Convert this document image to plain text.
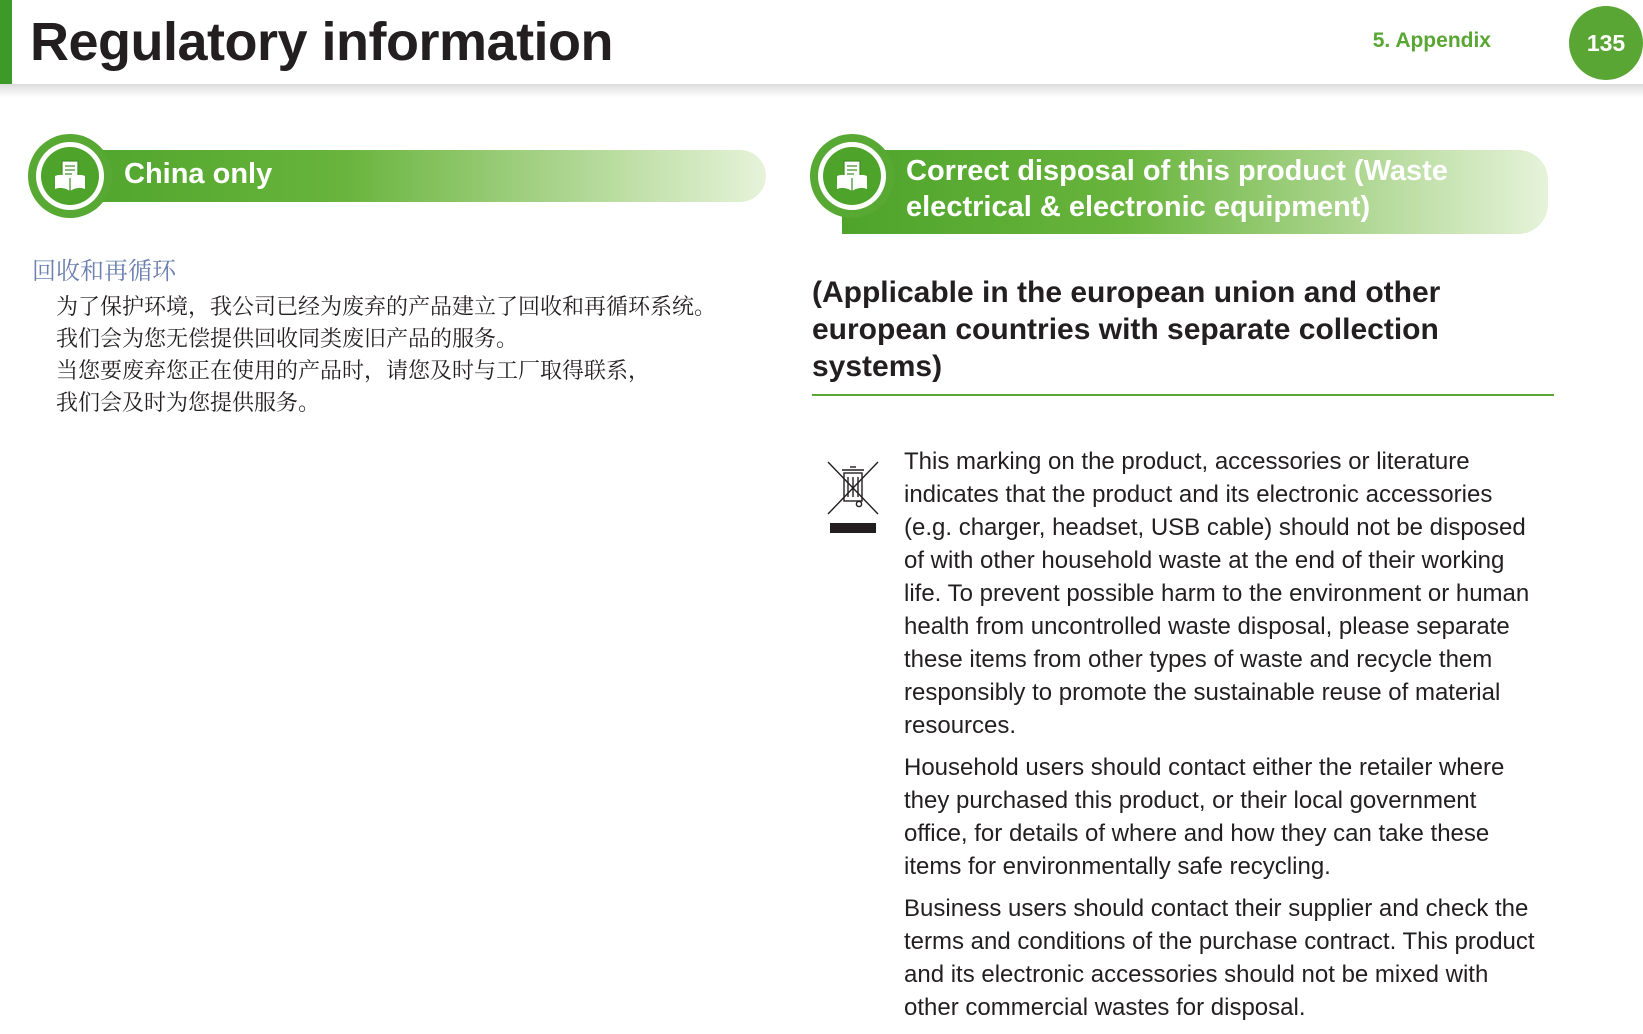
Regulatory information	5. Appendix	135
China only	Correct disposal of this product (Waste
electrical & electronic equipment)
回收和再循环
为了保护环境，我公司已经为废弃的产品建立了回收和再循环系统。
我们会为您无偿提供回收同类废旧产品的服务。
当您要废弃您正在使用的产品时，请您及时与工厂取得联系，
我们会及时为您提供服务。
(Applicable in the european union and other european countries with separate collection systems)

This marking on the product, accessories or literature indicates that the product and its electronic accessories (e.g. charger, headset, USB cable) should not be disposed of with other household waste at the end of their working life. To prevent possible harm to the environment or human health from uncontrolled waste disposal, please separate these items from other types of waste and recycle them responsibly to promote the sustainable reuse of material resources.

Household users should contact either the retailer where they purchased this product, or their local government office, for details of where and how they can take these items for environmentally safe recycling.

Business users should contact their supplier and check the terms and conditions of the purchase contract. This product and its electronic accessories should not be mixed with other commercial wastes for disposal.
